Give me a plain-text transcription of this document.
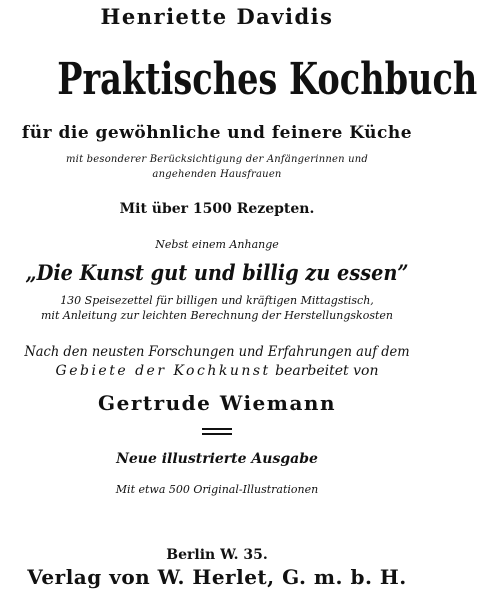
Henriette Davidis

Praktisches Kochbuch

für die gewöhnliche und feinere Küche

mit besonderer Berücksichtigung der Anfängerinnen und

angehenden Hausfrauen

Mit über 1500 Rezepten.

Nebst einem Anhange

„Die Kunst gut und billig zu essen”

130 Speisezettel für billigen und kräftigen Mittagstisch,

mit Anleitung zur leichten Berechnung der Herstellungskosten

Nach den neusten Forschungen und Erfahrungen auf dem

Gebiete der Kochkunst bearbeitet von

Gertrude Wiemann

Neue illustrierte Ausgabe

Mit etwa 500 Original-Illustrationen

Berlin W. 35.

Verlag von W. Herlet, G. m. b. H.
